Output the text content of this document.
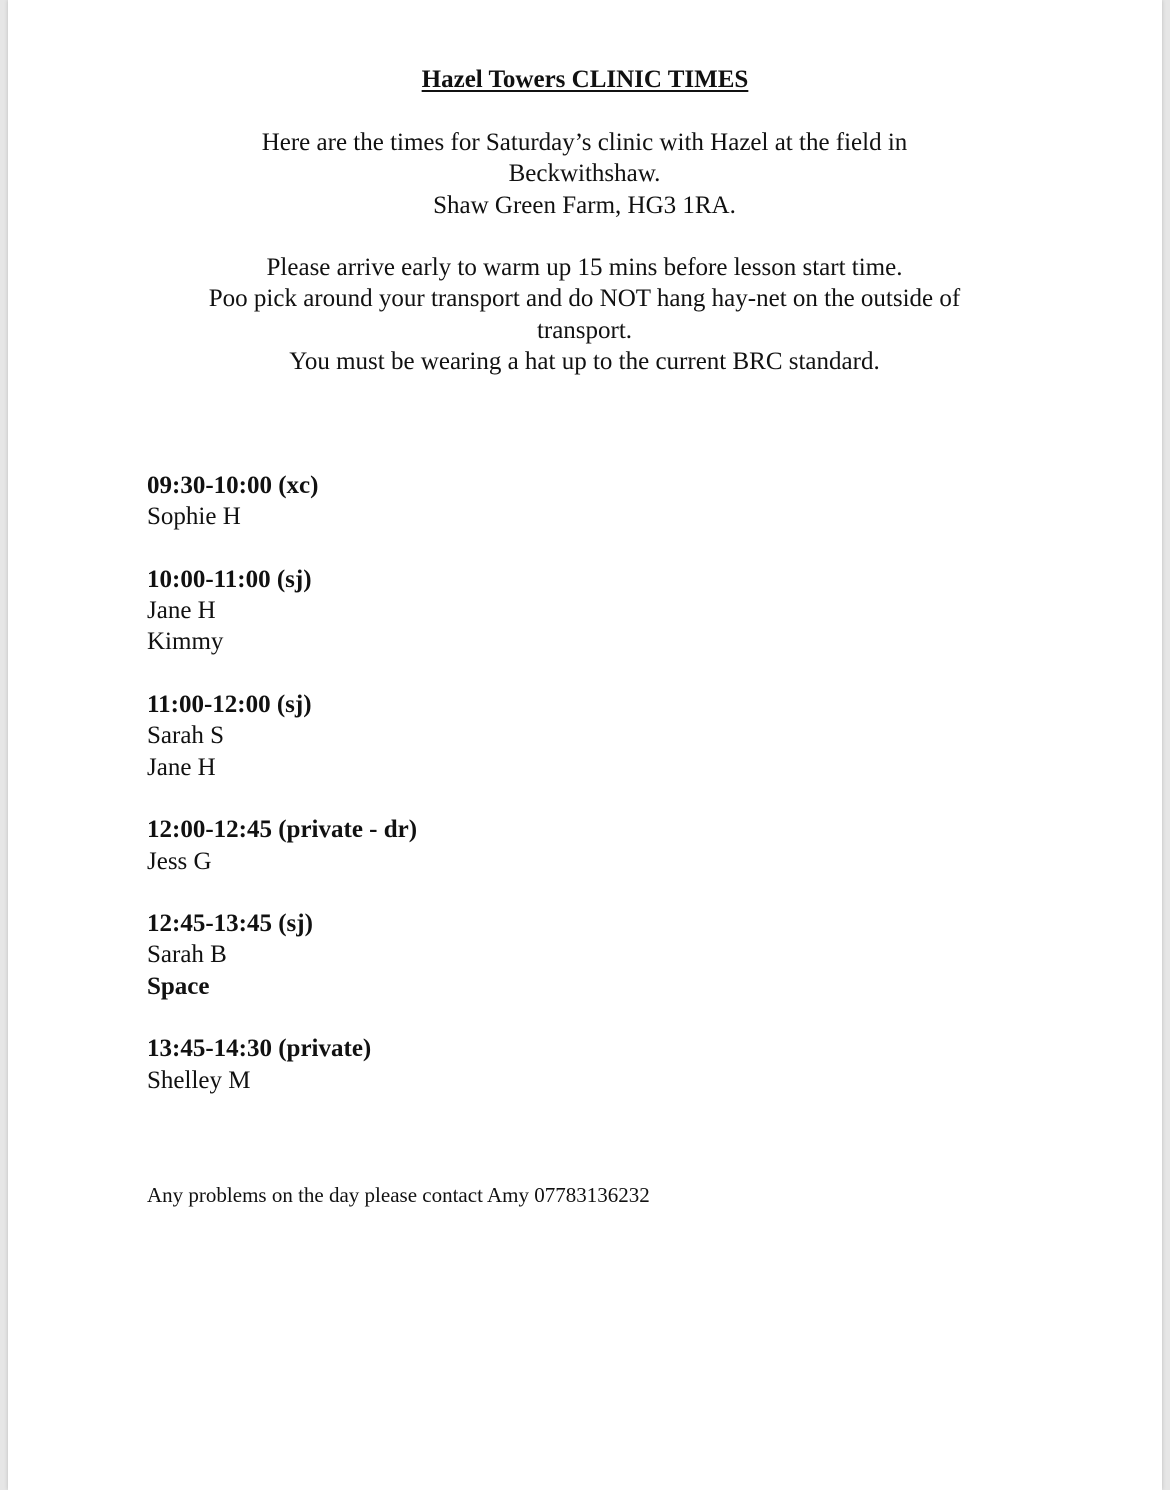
Hazel Towers CLINIC TIMES

Here are the times for Saturday’s clinic with Hazel at the field in

Beckwithshaw.

Shaw Green Farm, HG3 1RA.

Please arrive early to warm up 15 mins before lesson start time.

Poo pick around your transport and do NOT hang hay-net on the outside of

transport.

You must be wearing a hat up to the current BRC standard.

09:30-10:00 (xc)
Sophie H
10:00-11:00 (sj)
Jane H
Kimmy
11:00-12:00 (sj)
Sarah S
Jane H
12:00-12:45 (private - dr)
Jess G
12:45-13:45 (sj)
Sarah B
Space
13:45-14:30 (private)
Shelley M
Any problems on the day please contact Amy 07783136232
